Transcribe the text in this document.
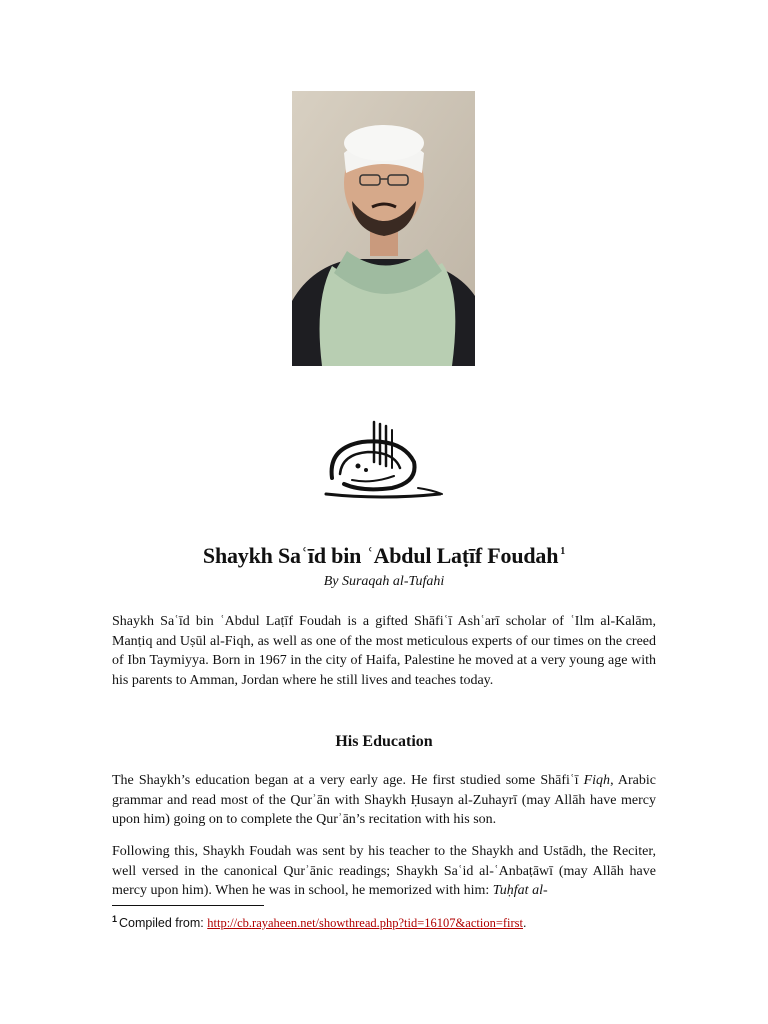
Shaykh Saʿīd bin ʿAbdul Laṭīf Foudah $^1$
By Suraqah al-Tufahi

Shaykh Saʿīd bin ʿAbdul Laṭīf Foudah is a gifted Shāfiʿī Ashʿarī scholar of ʿIlm al-Kalām, Manṭiq and Uṣūl al-Fiqh, as well as one of the most meticulous experts of our times on the creed of Ibn Taymiyya. Born in 1967 in the city of Haifa, Palestine he moved at a very young age with his parents to Amman, Jordan where he still lives and teaches today.

His Education

The Shaykh’s education began at a very early age. He first studied some Shāfiʿī Fiqh, Arabic grammar and read most of the Qurʾān with Shaykh Ḥusayn al-Zuhayrī (may Allāh have mercy upon him) going on to complete the Qurʾān’s recitation with his son.

Following this, Shaykh Foudah was sent by his teacher to the Shaykh and Ustādh, the Reciter, well versed in the canonical Qurʾānic readings; Shaykh Saʿid al-ʿAnbaṭāwī (may Allāh have mercy upon him). When he was in school, he memorized with him: Tuḥfat al-

$^1$ Compiled from: http://cb.rayaheen.net/showthread.php?tid=16107&action=first.
